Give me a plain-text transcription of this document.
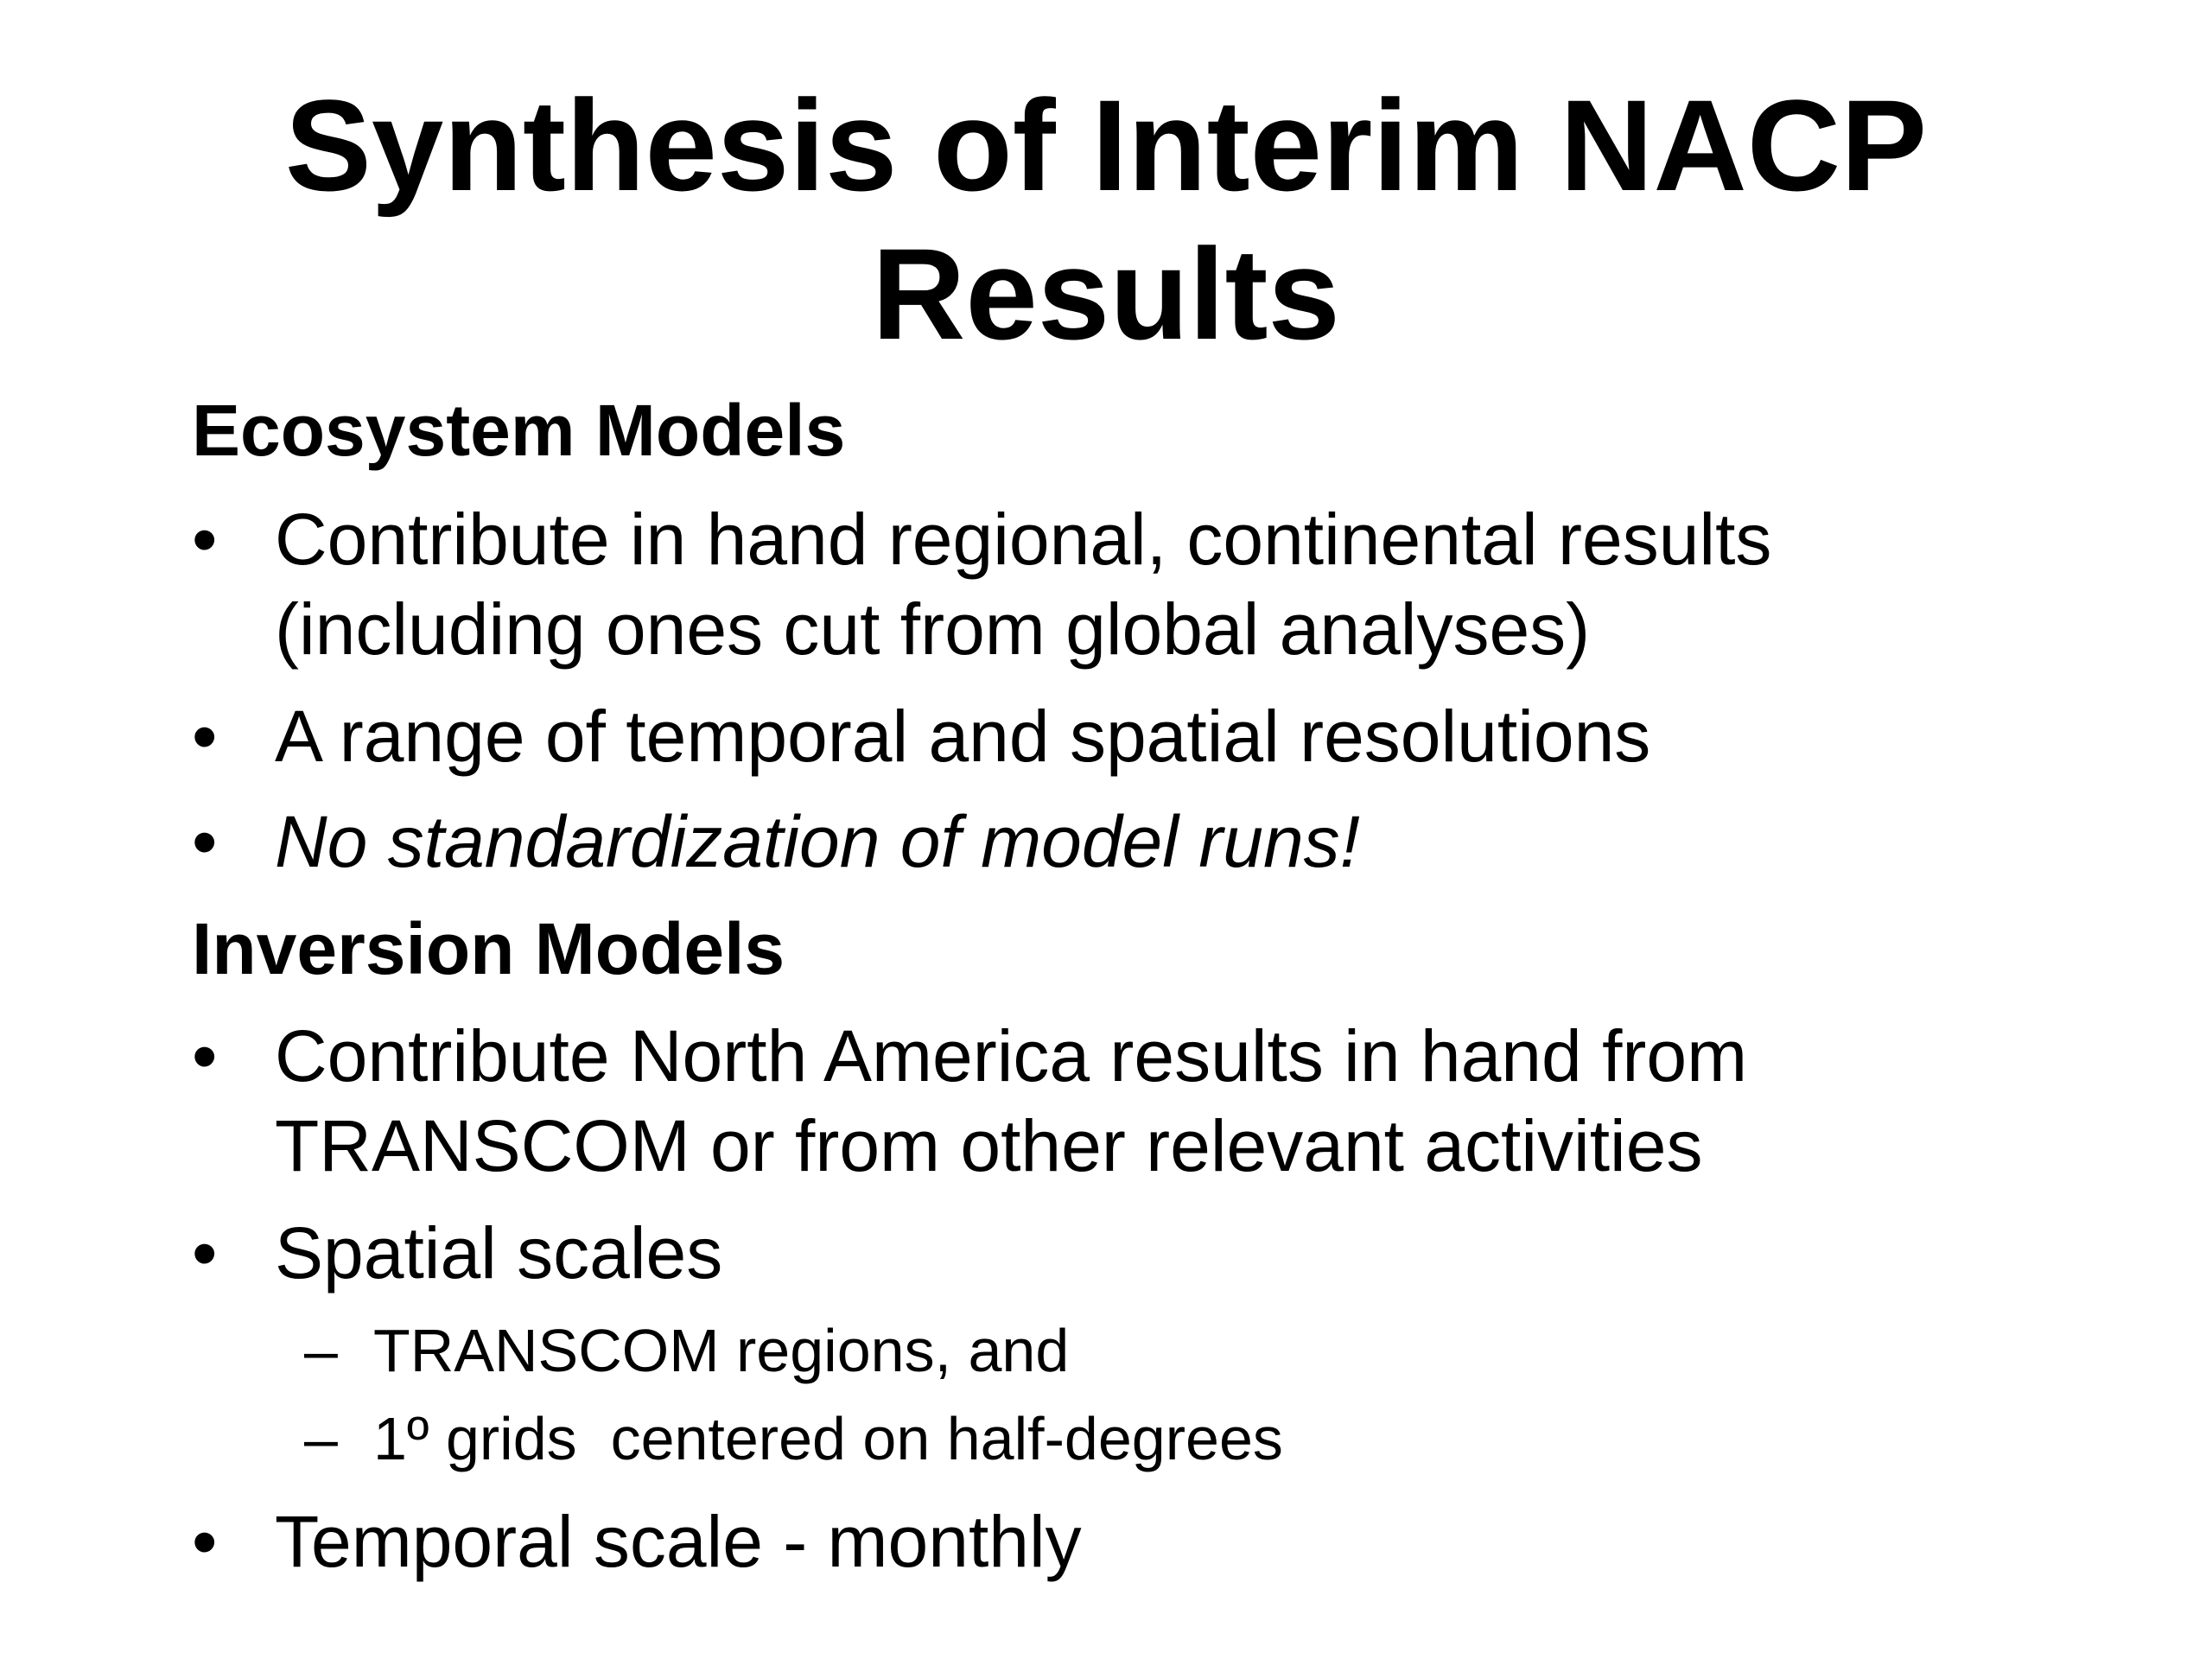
Synthesis of Interim NACP
Results
Ecosystem Models
• Contribute in hand regional, continental results
(including ones cut from global analyses)
• A range of temporal and spatial resolutions
• No standardization of model runs!
Inversion Models
• Contribute North America results in hand from
TRANSCOM or from other relevant activities
• Spatial scales
– TRANSCOM regions, and
– 1º grids  centered on half-degrees
• Temporal scale - monthly
